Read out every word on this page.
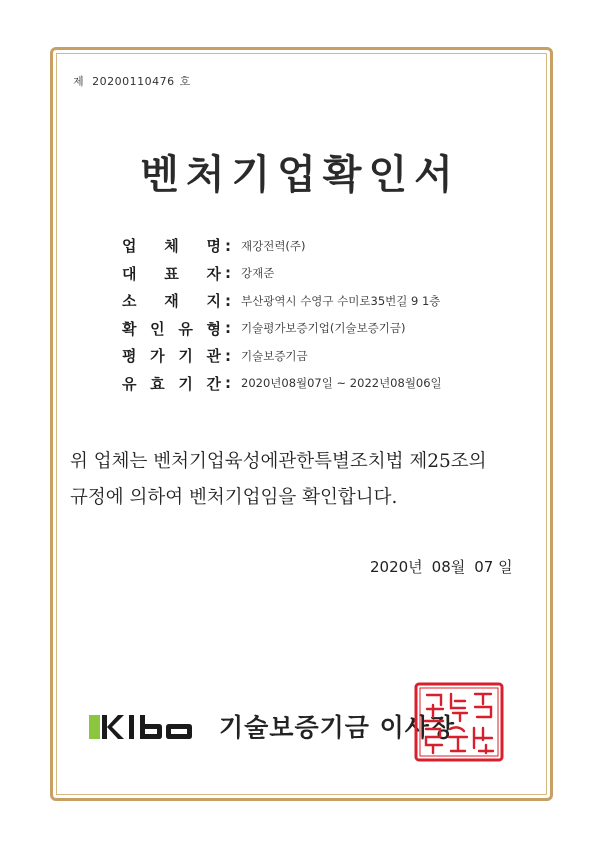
제 20200110476 호
벤처기업확인서
업 체 명 : 재강전력(주)
대 표 자 : 강재준
소 재 지 : 부산광역시 수영구 수미로35번길 9 1층
확 인 유 형 : 기술평가보증기업(기술보증기금)
평 가 기 관 : 기술보증기금
유 효 기 간 : 2020년08월07일 ~ 2022년08월06일
위 업체는 벤처기업육성에관한특별조치법 제25조의
규정에 의하여 벤처기업임을 확인합니다.
2020년 08월 07 일
기술보증기금 이사장
